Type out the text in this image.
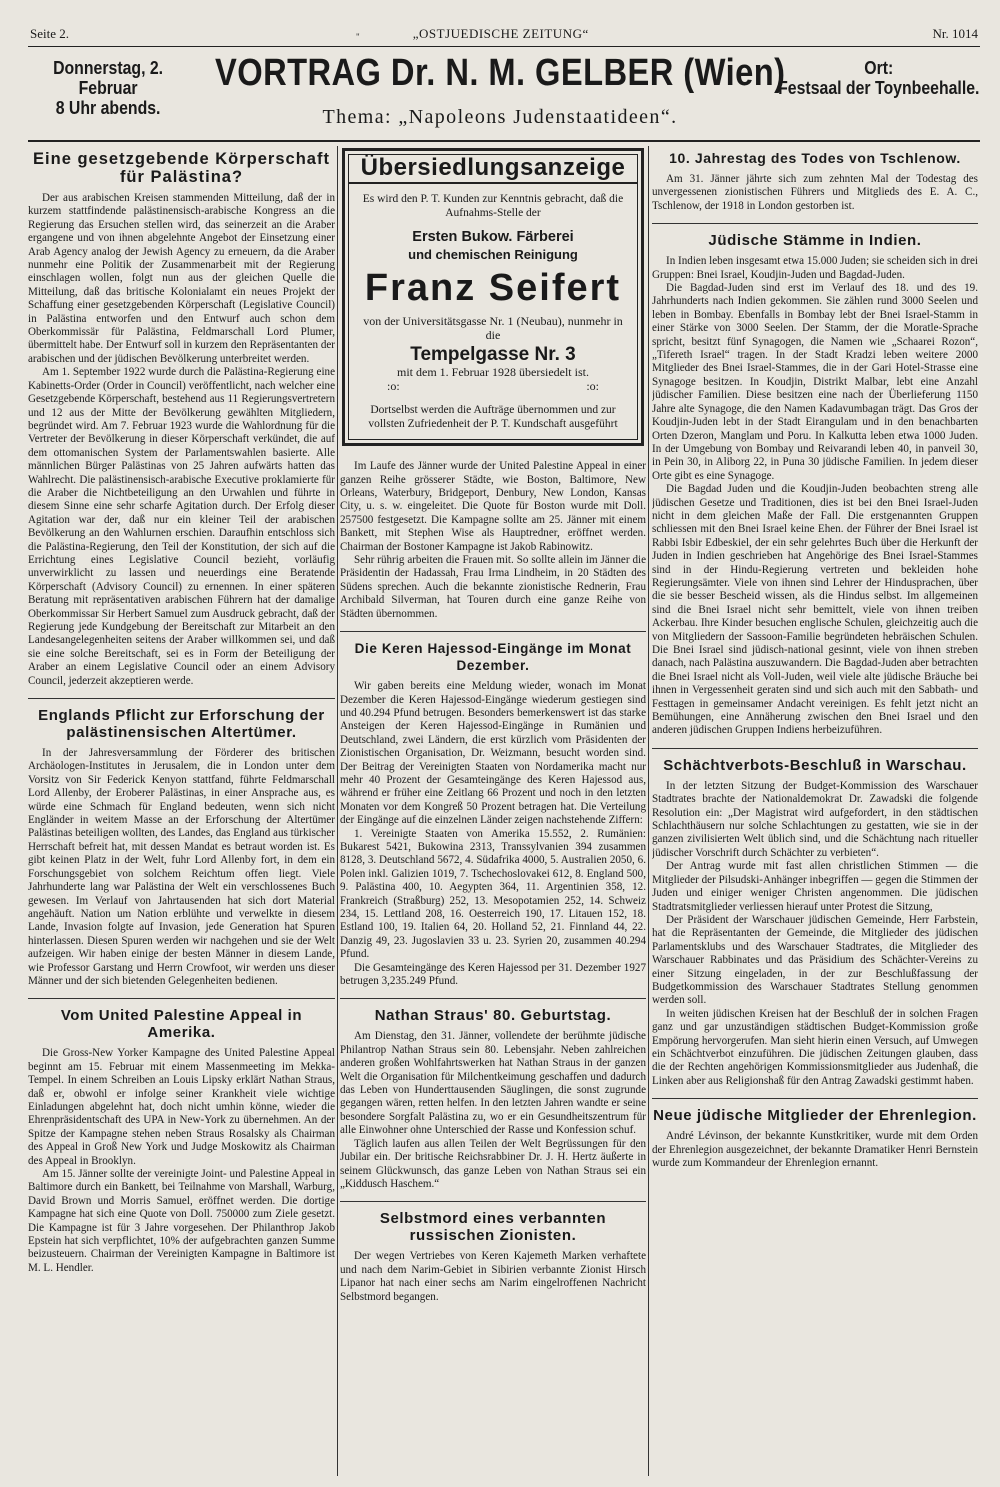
Seite 2.	"	„OSTJUEDISCHE ZEITUNG“	Nr. 1014
Donnerstag, 2. Februar
8 Uhr abends.
VORTRAG Dr. N. M. GELBER (Wien)	Ort:
Festsaal der Toynbeehalle.
Thema: „Napoleons Judenstaatideen“.
Eine gesetzgebende Körperschaft für Palästina?

Der aus arabischen Kreisen stammenden Mitteilung, daß der in kurzem stattfindende palästinensisch-arabische Kongress an die Regierung das Ersuchen stellen wird, das seinerzeit an die Araber ergangene und von ihnen abgelehnte Angebot der Einsetzung einer Arab Agency analog der Jewish Agency zu erneuern, da die Araber nunmehr eine Politik der Zusammenarbeit mit der Regierung einschlagen wollen, folgt nun aus der gleichen Quelle die Mitteilung, daß das britische Kolonialamt ein neues Projekt der Schaffung einer gesetzgebenden Körperschaft (Legislative Council) in Palästina entworfen und den Entwurf auch schon dem Oberkommissär für Palästina, Feldmarschall Lord Plumer, übermittelt habe. Der Entwurf soll in kurzem den Repräsentanten der arabischen und der jüdischen Bevölkerung unterbreitet werden.

Am 1. September 1922 wurde durch die Palästina-Regierung eine Kabinetts-Order (Order in Council) veröffentlicht, nach welcher eine Gesetzgebende Körperschaft, bestehend aus 11 Regierungsvertretern und 12 aus der Mitte der Bevölkerung gewählten Mitgliedern, begründet wird. Am 7. Februar 1923 wurde die Wahlordnung für die Vertreter der Bevölkerung in dieser Körperschaft verkündet, die auf dem ottomanischen System der Parlamentswahlen basierte. Alle männlichen Bürger Palästinas von 25 Jahren aufwärts hatten das Wahlrecht. Die palästinensisch-arabische Executive proklamierte für die Araber die Nichtbeteiligung an den Urwahlen und führte in diesem Sinne eine sehr scharfe Agitation durch. Der Erfolg dieser Agitation war der, daß nur ein kleiner Teil der arabischen Bevölkerung an den Wahlurnen erschien. Daraufhin entschloss sich die Palästina-Regierung, den Teil der Konstitution, der sich auf die Errichtung eines Legislative Council bezieht, vorläufig unverwirklicht zu lassen und neuerdings eine Beratende Körperschaft (Advisory Council) zu ernennen. In einer späteren Beratung mit repräsentativen arabischen Führern hat der damalige Oberkommissar Sir Herbert Samuel zum Ausdruck gebracht, daß der Regierung jede Kundgebung der Bereitschaft zur Mitarbeit an den Landesangelegenheiten seitens der Araber willkommen sei, und daß sie eine solche Bereitschaft, sei es in Form der Beteiligung der Araber an einem Legislative Council oder an einem Advisory Council, jederzeit akzeptieren werde.

Englands Pflicht zur Erforschung der palästinensischen Altertümer.

In der Jahresversammlung der Förderer des britischen Archäologen-Institutes in Jerusalem, die in London unter dem Vorsitz von Sir Federick Kenyon stattfand, führte Feldmarschall Lord Allenby, der Eroberer Palästinas, in einer Ansprache aus, es würde eine Schmach für England bedeuten, wenn sich nicht Engländer in weitem Masse an der Erforschung der Altertümer Palästinas beteiligen wollten, des Landes, das England aus türkischer Herrschaft befreit hat, mit dessen Mandat es betraut worden ist. Es gibt keinen Platz in der Welt, fuhr Lord Allenby fort, in dem ein Forschungsgebiet von solchem Reichtum offen liegt. Viele Jahrhunderte lang war Palästina der Welt ein verschlossenes Buch gewesen. Im Verlauf von Jahrtausenden hat sich dort Material angehäuft. Nation um Nation erblühte und verwelkte in diesem Lande, Invasion folgte auf Invasion, jede Generation hat Spuren hinterlassen. Diesen Spuren werden wir nachgehen und sie der Welt aufzeigen. Wir haben einige der besten Männer in diesem Lande, wie Professor Garstang und Herrn Crowfoot, wir werden uns dieser Männer und der sich bietenden Gelegenheiten bedienen.

Vom United Palestine Appeal in Amerika.

Die Gross-New Yorker Kampagne des United Palestine Appeal beginnt am 15. Februar mit einem Massenmeeting im Mekka-Tempel. In einem Schreiben an Louis Lipsky erklärt Nathan Straus, daß er, obwohl er infolge seiner Krankheit viele wichtige Einladungen abgelehnt hat, doch nicht umhin könne, wieder die Ehrenpräsidentschaft des UPA in New-York zu übernehmen. An der Spitze der Kampagne stehen neben Straus Rosalsky als Chairman des Appeal in Groß New York und Judge Moskowitz als Chairman des Appeal in Brooklyn.

Am 15. Jänner sollte der vereinigte Joint- und Palestine Appeal in Baltimore durch ein Bankett, bei Teilnahme von Marshall, Warburg, David Brown und Morris Samuel, eröffnet werden. Die dortige Kampagne hat sich eine Quote von Doll. 750000 zum Ziele gesetzt. Die Kampagne ist für 3 Jahre vorgesehen. Der Philanthrop Jakob Epstein hat sich verpflichtet, 10% der aufgebrachten ganzen Summe beizusteuern. Chairman der Vereinigten Kampagne in Baltimore ist M. L. Hendler.

Übersiedlungsanzeige
Es wird den P. T. Kunden zur Kenntnis gebracht, daß die Aufnahms-Stelle der
Ersten Bukow. Färberei
und chemischen Reinigung
Franz Seifert
von der Universitätsgasse Nr. 1 (Neubau), nunmehr in die
Tempelgasse Nr. 3
mit dem 1. Februar 1928 übersiedelt ist.
:o:	:o:
Dortselbst werden die Aufträge übernommen und zur vollsten Zufriedenheit der P. T. Kundschaft ausgeführt

Im Laufe des Jänner wurde der United Palestine Appeal in einer ganzen Reihe grösserer Städte, wie Boston, Baltimore, New Orleans, Waterbury, Bridgeport, Denbury, New London, Kansas City, u. s. w. eingeleitet. Die Quote für Boston wurde mit Doll. 257500 festgesetzt. Die Kampagne sollte am 25. Jänner mit einem Bankett, mit Stephen Wise als Hauptredner, eröffnet werden. Chairman der Bostoner Kampagne ist Jakob Rabinowitz.

Sehr rührig arbeiten die Frauen mit. So sollte allein im Jänner die Präsidentin der Hadassah, Frau Irma Lindheim, in 20 Städten des Südens sprechen. Auch die bekannte zionistische Rednerin, Frau Archibald Silverman, hat Touren durch eine ganze Reihe von Städten übernommen.

Die Keren Hajessod-Eingänge im Monat Dezember.

Wir gaben bereits eine Meldung wieder, wonach im Monat Dezember die Keren Hajessod-Eingänge wiederum gestiegen sind und 40.294 Pfund betrugen. Besonders bemerkenswert ist das starke Ansteigen der Keren Hajessod-Eingänge in Rumänien und Deutschland, zwei Ländern, die erst kürzlich vom Präsidenten der Zionistischen Organisation, Dr. Weizmann, besucht worden sind. Der Beitrag der Vereinigten Staaten von Nordamerika macht nur mehr 40 Prozent der Gesamteingänge des Keren Hajessod aus, während er früher eine Zeitlang 66 Prozent und noch in den letzten Monaten vor dem Kongreß 50 Prozent betragen hat. Die Verteilung der Eingänge auf die einzelnen Länder zeigen nachstehende Ziffern:

1. Vereinigte Staaten von Amerika 15.552, 2. Rumänien: Bukarest 5421, Bukowina 2313, Transsylvanien 394 zusammen 8128, 3. Deutschland 5672, 4. Südafrika 4000, 5. Australien 2050, 6. Polen inkl. Galizien 1019, 7. Tschechoslovakei 612, 8. England 500, 9. Palästina 400, 10. Aegypten 364, 11. Argentinien 358, 12. Frankreich (Straßburg) 252, 13. Mesopotamien 252, 14. Schweiz 234, 15. Lettland 208, 16. Oesterreich 190, 17. Litauen 152, 18. Estland 100, 19. Italien 64, 20. Holland 52, 21. Finnland 44, 22. Danzig 49, 23. Jugoslavien 33 u. 23. Syrien 20, zusammen 40.294 Pfund.

Die Gesamteingänge des Keren Hajessod per 31. Dezember 1927 betrugen 3,235.249 Pfund.

Nathan Straus' 80. Geburtstag.

Am Dienstag, den 31. Jänner, vollendete der berühmte jüdische Philantrop Nathan Straus sein 80. Lebensjahr. Neben zahlreichen anderen großen Wohlfahrtswerken hat Nathan Straus in der ganzen Welt die Organisation für Milchentkeimung geschaffen und dadurch das Leben von Hunderttausenden Säuglingen, die sonst zugrunde gegangen wären, retten helfen. In den letzten Jahren wandte er seine besondere Sorgfalt Palästina zu, wo er ein Gesundheitszentrum für alle Einwohner ohne Unterschied der Rasse und Konfession schuf.

Täglich laufen aus allen Teilen der Welt Begrüssungen für den Jubilar ein. Der britische Reichsrabbiner Dr. J. H. Hertz äußerte in seinem Glückwunsch, das ganze Leben von Nathan Straus sei ein „Kiddusch Haschem.“

Selbstmord eines verbannten russischen Zionisten.

Der wegen Vertriebes von Keren Kajemeth Marken verhaftete und nach dem Narim-Gebiet in Sibirien verbannte Zionist Hirsch Lipanor hat nach einer sechs am Narim eingelroffenen Nachricht Selbstmord begangen.

10. Jahrestag des Todes von Tschlenow.

Am 31. Jänner jährte sich zum zehnten Mal der Todestag des unvergessenen zionistischen Führers und Mitglieds des E. A. C., Tschlenow, der 1918 in London gestorben ist.

Jüdische Stämme in Indien.

In Indien leben insgesamt etwa 15.000 Juden; sie scheiden sich in drei Gruppen: Bnei Israel, Koudjin-Juden und Bagdad-Juden.

Die Bagdad-Juden sind erst im Verlauf des 18. und des 19. Jahrhunderts nach Indien gekommen. Sie zählen rund 3000 Seelen und leben in Bombay. Ebenfalls in Bombay lebt der Bnei Israel-Stamm in einer Stärke von 3000 Seelen. Der Stamm, der die Moratle-Sprache spricht, besitzt fünf Synagogen, die Namen wie „Schaarei Rozon“, „Tifereth Israel“ tragen. In der Stadt Kradzi leben weitere 2000 Mitglieder des Bnei Israel-Stammes, die in der Gari Hotel-Strasse eine Synagoge besitzen. In Koudjin, Distrikt Malbar, lebt eine Anzahl jüdischer Familien. Diese besitzen eine nach der Überlieferung 1150 Jahre alte Synagoge, die den Namen Kadavumbagan trägt. Das Gros der Koudjin-Juden lebt in der Stadt Eirangulam und in den benachbarten Orten Dzeron, Manglam und Poru. In Kalkutta leben etwa 1000 Juden. In der Umgebung von Bombay und Reivarandi leben 40, in panveil 30, in Pein 30, in Aliborg 22, in Puna 30 jüdische Familien. In jedem dieser Orte gibt es eine Synagoge.

Die Bagdad Juden und die Koudjin-Juden beobachten streng alle jüdischen Gesetze und Traditionen, dies ist bei den Bnei Israel-Juden nicht in dem gleichen Maße der Fall. Die erstgenannten Gruppen schliessen mit den Bnei Israel keine Ehen. der Führer der Bnei Israel ist Rabbi Isbir Edbeskiel, der ein sehr gelehrtes Buch über die Herkunft der Juden in Indien geschrieben hat Angehörige des Bnei Israel-Stammes sind in der Hindu-Regierung vertreten und bekleiden hohe Regierungsämter. Viele von ihnen sind Lehrer der Hindusprachen, über die sie besser Bescheid wissen, als die Hindus selbst. Im allgemeinen sind die Bnei Israel nicht sehr bemittelt, viele von ihnen treiben Ackerbau. Ihre Kinder besuchen englische Schulen, gleichzeitig auch die von Mitgliedern der Sassoon-Familie begründeten hebräischen Schulen. Die Bnei Israel sind jüdisch-national gesinnt, viele von ihnen streben danach, nach Palästina auszuwandern. Die Bagdad-Juden aber betrachten die Bnei Israel nicht als Voll-Juden, weil viele alte jüdische Bräuche bei ihnen in Vergessenheit geraten sind und sich auch mit den Sabbath- und Festtagen in gemeinsamer Andacht vereinigen. Es fehlt jetzt nicht an Bemühungen, eine Annäherung zwischen den Bnei Israel und den anderen jüdischen Gruppen Indiens herbeizuführen.

Schächtverbots-Beschluß in Warschau.

In der letzten Sitzung der Budget-Kommission des Warschauer Stadtrates brachte der Nationaldemokrat Dr. Zawadski die folgende Resolution ein: „Der Magistrat wird aufgefordert, in den städtischen Schlachthäusern nur solche Schlachtungen zu gestatten, wie sie in der ganzen zivilisierten Welt üblich sind, und die Schächtung nach ritueller jüdischer Vorschrift durch Schächter zu verbieten“.

Der Antrag wurde mit fast allen christlichen Stimmen — die Mitglieder der Pilsudski-Anhänger inbegriffen — gegen die Stimmen der Juden und einiger weniger Christen angenommen. Die jüdischen Stadtratsmitglieder verliessen hierauf unter Protest die Sitzung,

Der Präsident der Warschauer jüdischen Gemeinde, Herr Farbstein, hat die Repräsentanten der Gemeinde, die Mitglieder des jüdischen Parlamentsklubs und des Warschauer Stadtrates, die Mitglieder des Warschauer Rabbinates und das Präsidium des Schächter-Vereins zu einer Sitzung eingeladen, in der zur Beschlußfassung der Budgetkommission des Warschauer Stadtrates Stellung genommen werden soll.

In weiten jüdischen Kreisen hat der Beschluß der in solchen Fragen ganz und gar unzuständigen städtischen Budget-Kommission große Empörung hervorgerufen. Man sieht hierin einen Versuch, auf Umwegen ein Schächtverbot einzuführen. Die jüdischen Zeitungen glauben, dass die der Rechten angehörigen Kommissionsmitglieder aus Judenhaß, die Linken aber aus Religionshaß für den Antrag Zawadski gestimmt haben.

Neue jüdische Mitglieder der Ehrenlegion.

André Lévinson, der bekannte Kunstkritiker, wurde mit dem Orden der Ehrenlegion ausgezeichnet, der bekannte Dramatiker Henri Bernstein wurde zum Kommandeur der Ehrenlegion ernannt.
